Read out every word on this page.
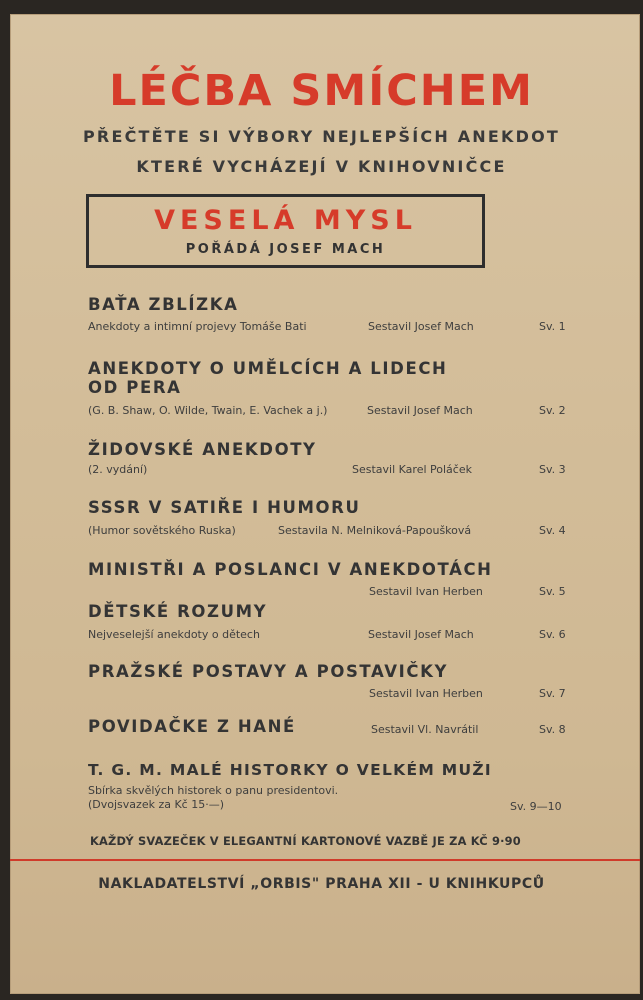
LÉČBA SMÍCHEM
PŘEČTĚTE SI VÝBORY NEJLEPŠÍCH ANEKDOT
KTERÉ VYCHÁZEJÍ V KNIHOVNIČCE
VESELÁ MYSL
POŘÁDÁ JOSEF MACH
BAŤA ZBLÍZKA
Anekdoty a intimní projevy Tomáše Bati	Sestavil Josef Mach	Sv. 1
ANEKDOTY O UMĚLCÍCH A LIDECH
OD PERA
(G. B. Shaw, O. Wilde, Twain, E. Vachek a j.)	Sestavil Josef Mach	Sv. 2
ŽIDOVSKÉ ANEKDOTY
(2. vydání)	Sestavil Karel Poláček	Sv. 3
SSSR V SATIŘE I HUMORU
(Humor sovětského Ruska)	Sestavila N. Melniková-Papoušková	Sv. 4
MINISTŘI A POSLANCI V ANEKDOTÁCH
Sestavil Ivan Herben	Sv. 5
DĚTSKÉ ROZUMY
Nejveselejší anekdoty o dětech	Sestavil Josef Mach	Sv. 6
PRAŽSKÉ POSTAVY A POSTAVIČKY
Sestavil Ivan Herben	Sv. 7
POVIDAČKE Z HANÉ	Sestavil Vl. Navrátil	Sv. 8
T. G. M. MALÉ HISTORKY O VELKÉM MUŽI
Sbírka skvělých historek o panu presidentovi.
(Dvojsvazek za Kč 15·—)	Sv. 9—10
KAŽDÝ SVAZEČEK V ELEGANTNÍ KARTONOVÉ VAZBĚ JE ZA KČ 9·90
NAKLADATELSTVÍ „ORBIS" PRAHA XII - U KNIHKUPCŮ
